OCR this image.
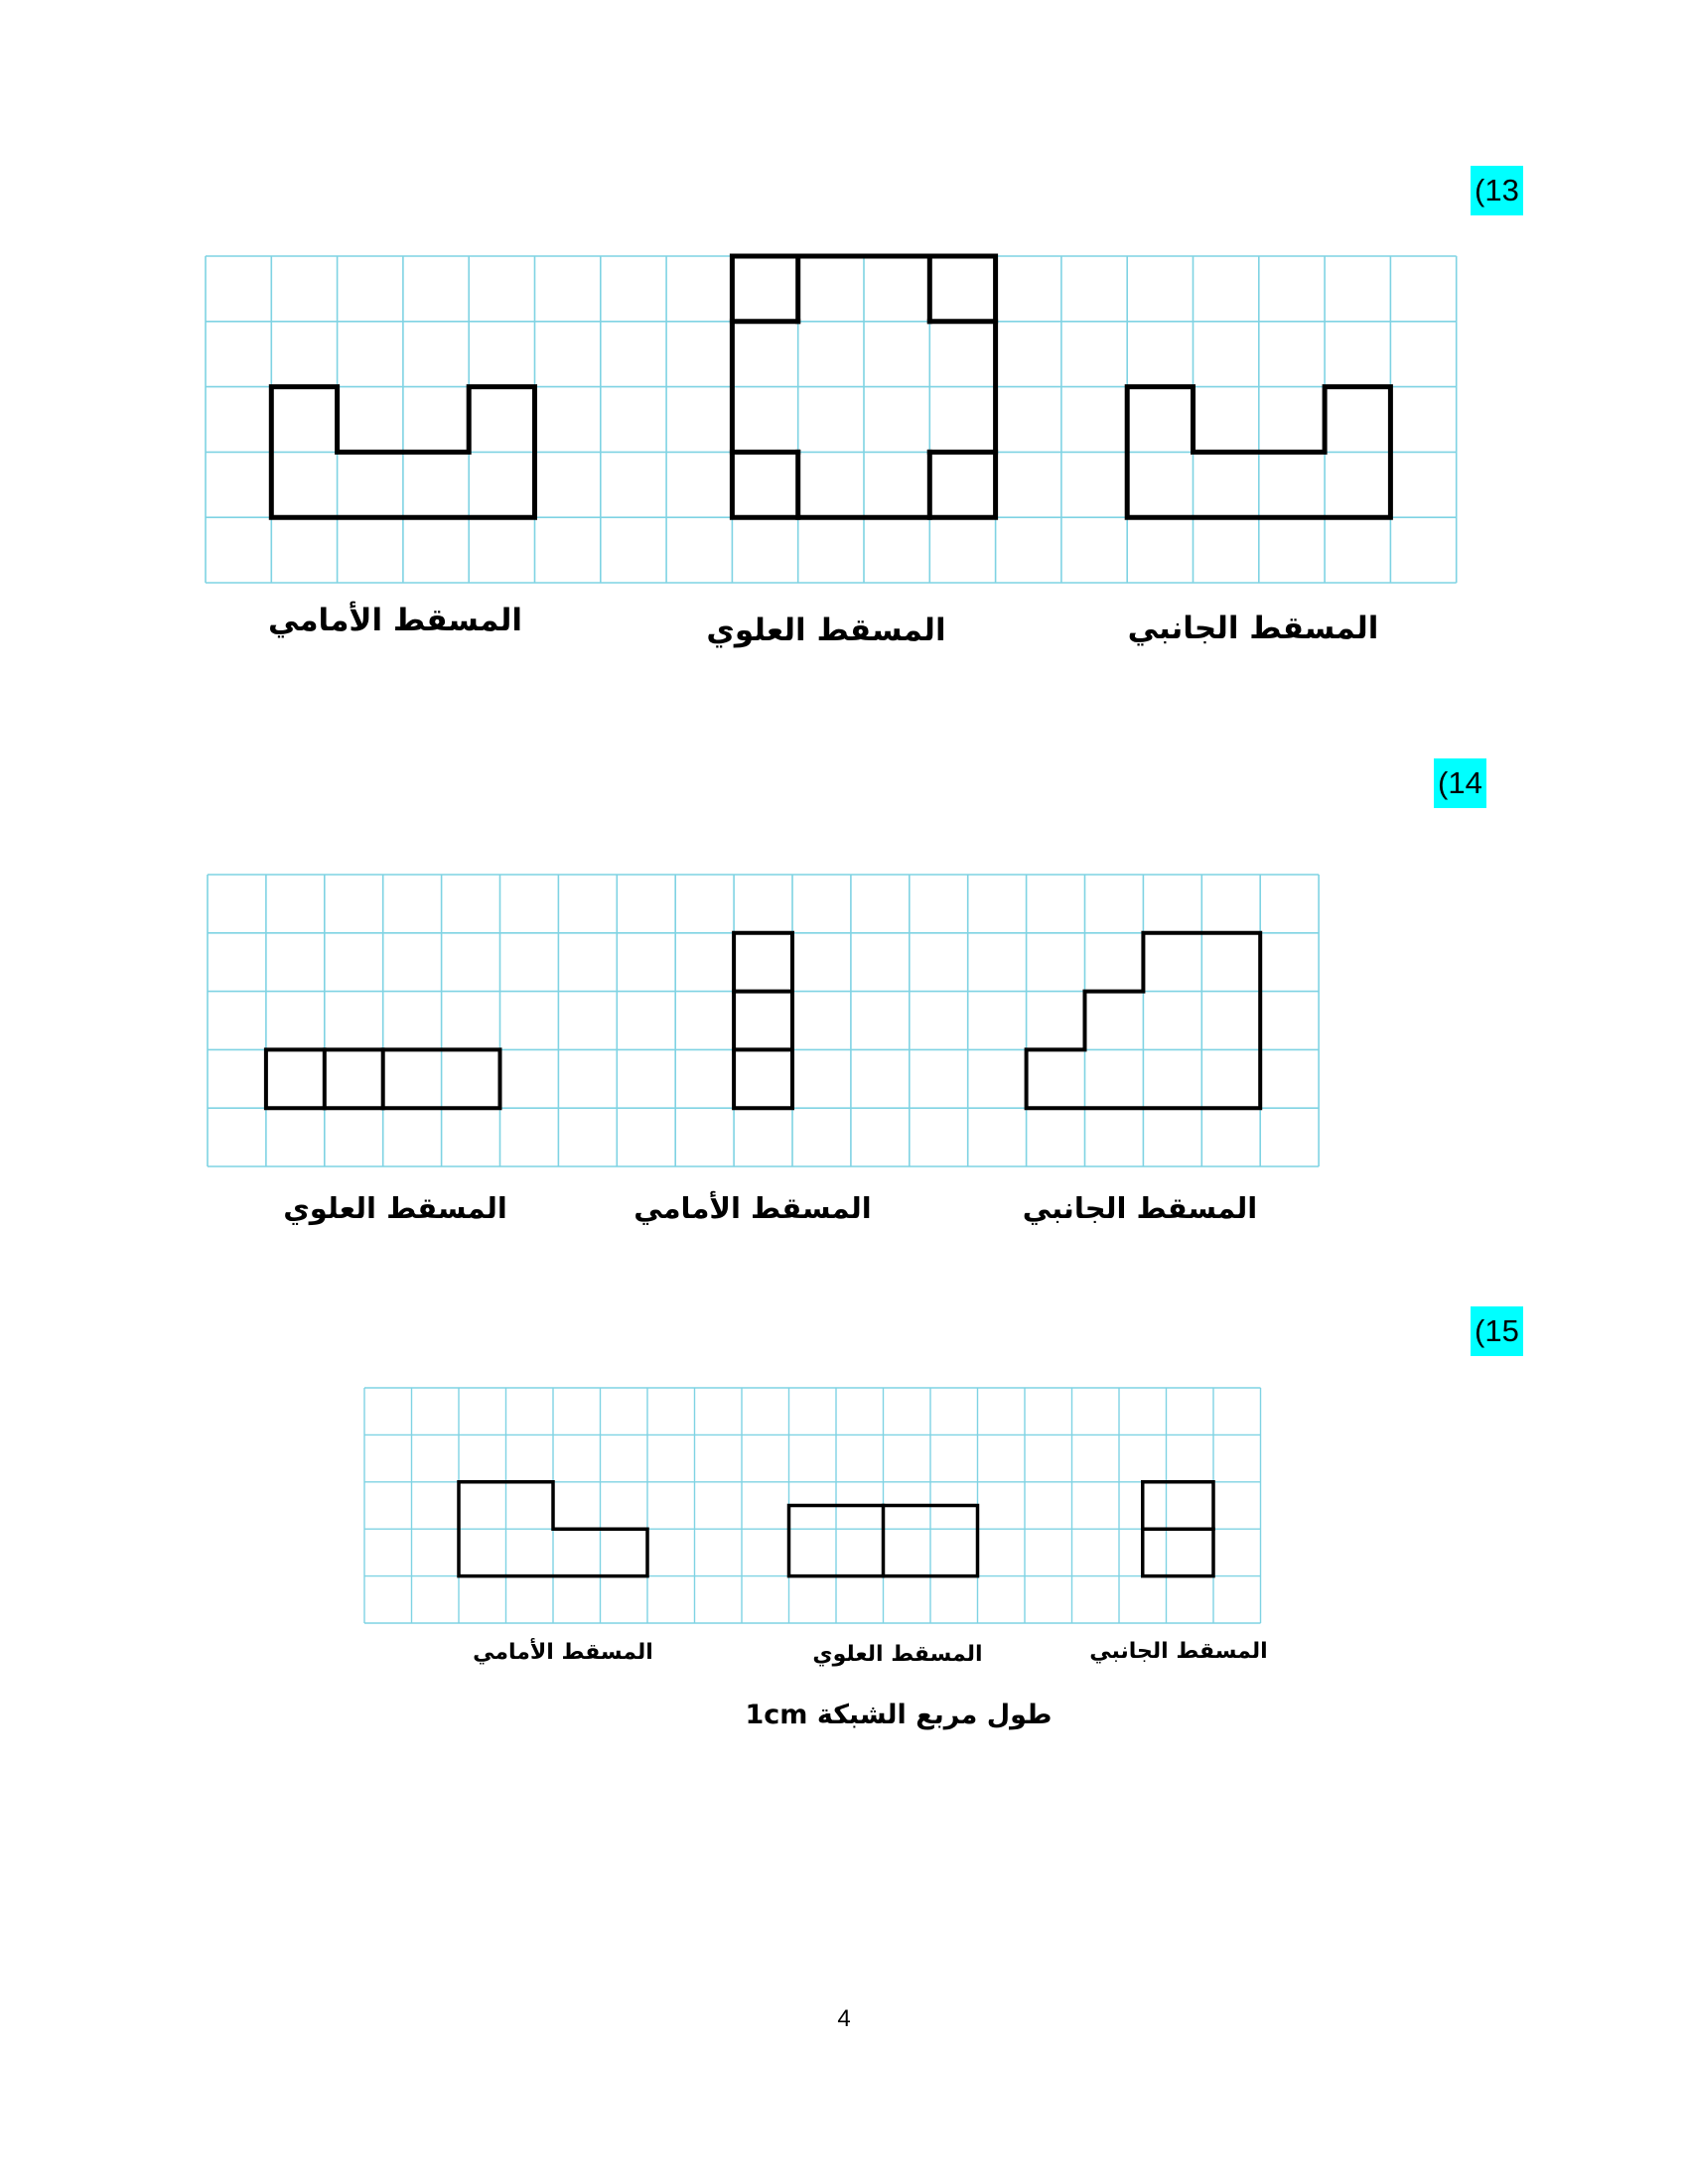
(13
المسقط الأمامي	المسقط العلوي	المسقط الجانبي
(14
المسقط العلوي	المسقط الأمامي	المسقط الجانبي
(15
المسقط الأمامي	المسقط العلوي	المسقط الجانبي
طول مربع الشبكة 1cm
4
